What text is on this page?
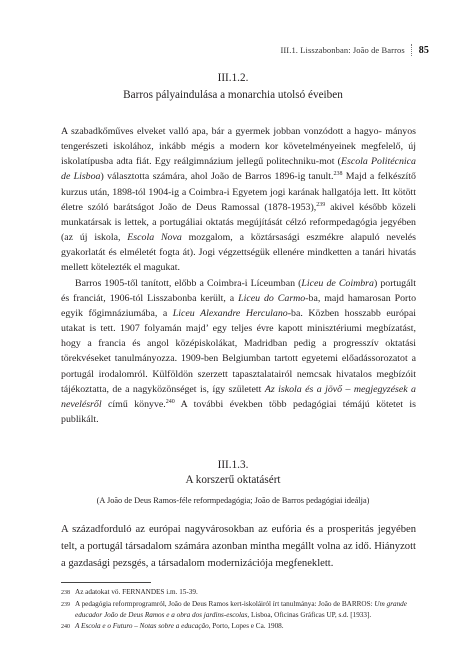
III.1. Lisszabonban: João de Barros 85
III.1.2.
Barros pályaindulása a monarchia utolsó éveiben

A szabadkőműves elveket valló apa, bár a gyermek jobban vonzódott a hagyo- mányos tengerészeti iskolához, inkább mégis a modern kor követelményeinek megfelelő, új iskolatípusba adta fiát. Egy reálgimnázium jellegű politechniku-mot (Escola Politécnica de Lisboa) választotta számára, ahol João de Barros 1896-ig tanult.$^{238}$ Majd a felkészítő kurzus után, 1898-tól 1904-ig a Coimbra-i Egyetem jogi karának hallgatója lett. Itt kötött életre szóló barátságot João de Deus Ramossal (1878-1953),$^{239}$ akivel később közeli munkatársak is lettek, a portugáliai oktatás megújítását célzó reformpedagógia jegyében (az új iskola, Escola Nova mozgalom, a köztársasági eszmékre alapuló nevelés gyakorlatát és elméletét fogta át). Jogi végzettségük ellenére mindketten a tanári hivatás mellett kötelezték el magukat.

Barros 1905-től tanított, előbb a Coimbra-i Líceumban (Liceu de Coimbra) portugált és franciát, 1906-tól Lisszabonba került, a Liceu do Carmo-ba, majd hamarosan Porto egyik főgimnáziumába, a Liceu Alexandre Herculano-ba. Közben hosszabb európai utakat is tett. 1907 folyamán majd’ egy teljes évre kapott minisztériumi megbízatást, hogy a francia és angol középiskolákat, Madridban pedig a progresszív oktatási törekvéseket tanulmányozza. 1909-ben Belgiumban tartott egyetemi előadássorozatot a portugál irodalomról. Külföldön szerzett tapasztalatairól nemcsak hivatalos megbízóit tájékoztatta, de a nagyközönséget is, így született Az iskola és a jövő – megjegyzések a nevelésről című könyve.$^{240}$ A további években több pedagógiai témájú kötetet is publikált.

III.1.3.
A korszerű oktatásért
(A João de Deus Ramos-féle reformpedagógia; João de Barros pedagógiai ideálja)

A századforduló az európai nagyvárosokban az eufória és a prosperitás jegyében telt, a portugál társadalom számára azonban mintha megállt volna az idő. Hiányzott a gazdasági pezsgés, a társadalom modernizációja megfeneklett.

238 Az adatokat vö. FERNANDES i.m. 15-39.
239 A pedagógia reformprogramról, João de Deus Ramos kert-iskoláiról írt tanulmánya: João de BARROS: Um grande educador João de Deus Ramos e a obra dos jardins-escolas, Lisboa, Oficinas Gráficas UP, s.d. [1933].
240 A Escola e o Futuro – Notas sobre a educação, Porto, Lopes e Ca. 1908.
